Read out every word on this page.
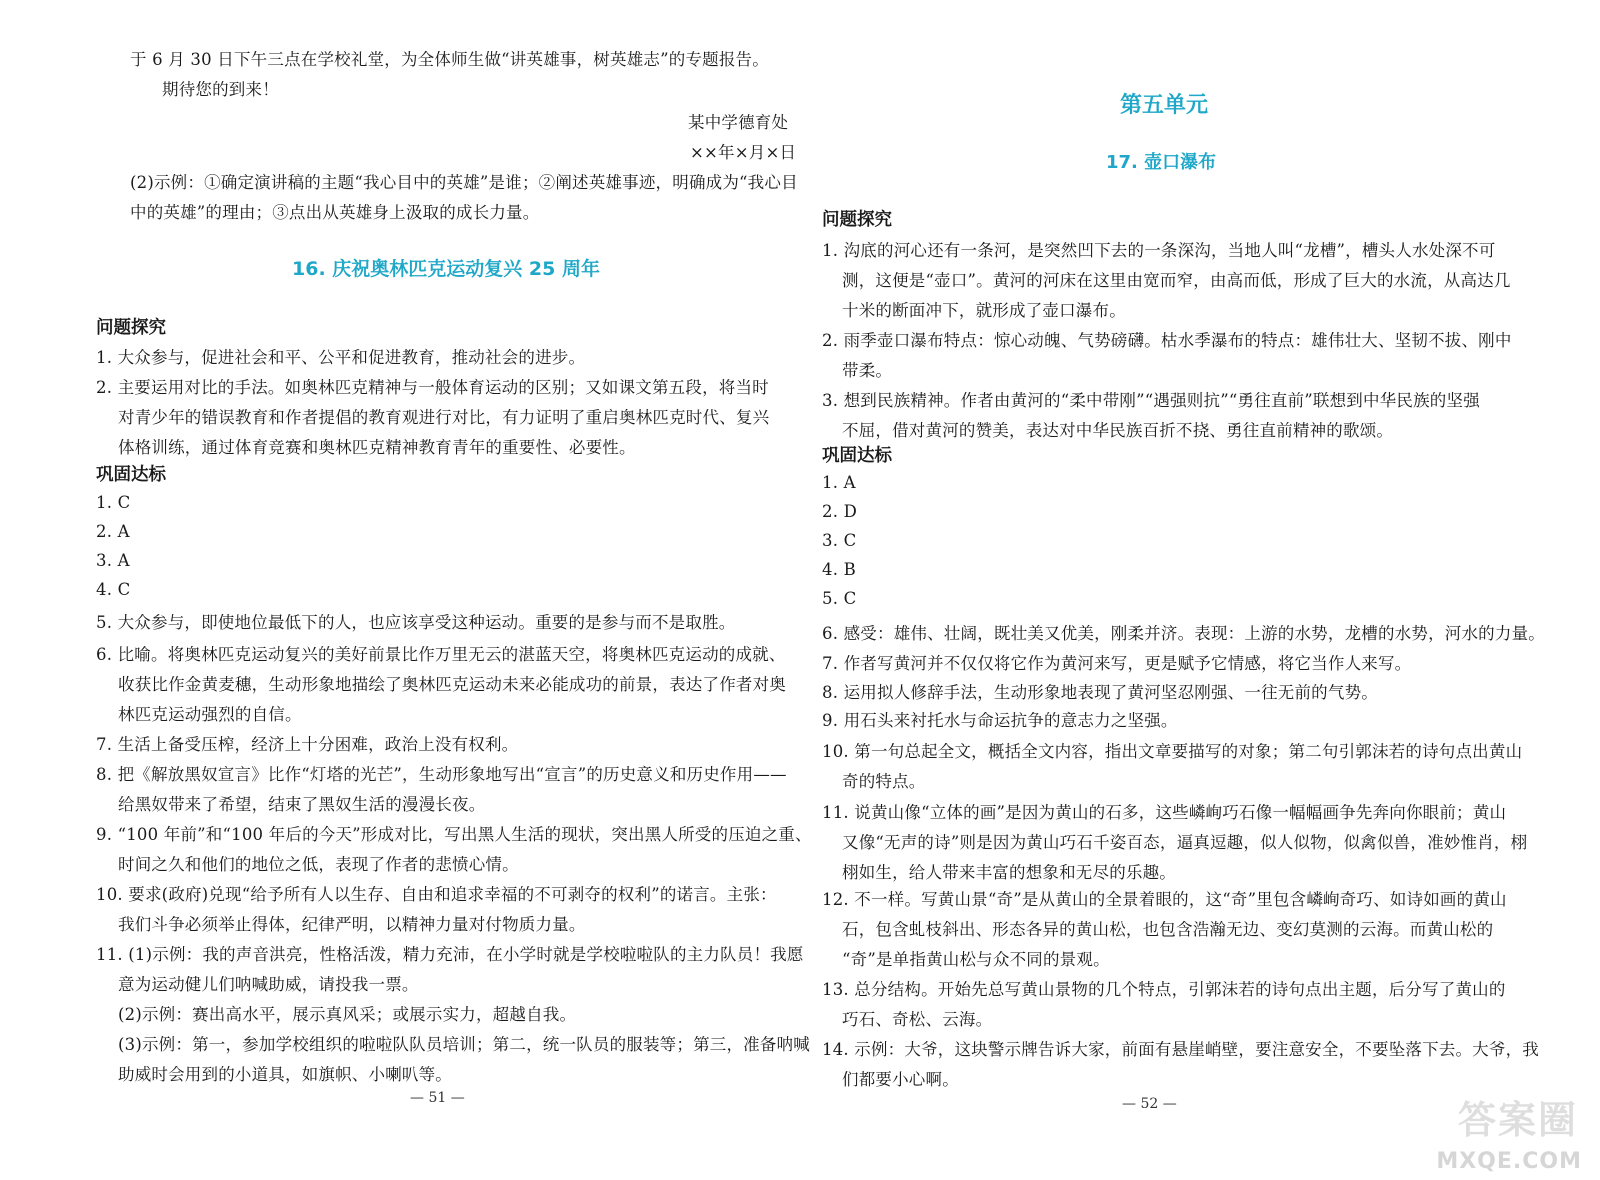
于 6 月 30 日下午三点在学校礼堂，为全体师生做“讲英雄事，树英雄志”的专题报告。
期待您的到来！
某中学德育处
××年×月×日
(2)示例：①确定演讲稿的主题“我心目中的英雄”是谁；②阐述英雄事迹，明确成为“我心目
中的英雄”的理由；③点出从英雄身上汲取的成长力量。
16. 庆祝奥林匹克运动复兴 25 周年
问题探究
1. 大众参与，促进社会和平、公平和促进教育，推动社会的进步。
2. 主要运用对比的手法。如奥林匹克精神与一般体育运动的区别；又如课文第五段，将当时
对青少年的错误教育和作者提倡的教育观进行对比，有力证明了重启奥林匹克时代、复兴
体格训练，通过体育竞赛和奥林匹克精神教育青年的重要性、必要性。
巩固达标
1. C
2. A
3. A
4. C
5. 大众参与，即使地位最低下的人，也应该享受这种运动。重要的是参与而不是取胜。
6. 比喻。将奥林匹克运动复兴的美好前景比作万里无云的湛蓝天空，将奥林匹克运动的成就、
收获比作金黄麦穗，生动形象地描绘了奥林匹克运动未来必能成功的前景，表达了作者对奥
林匹克运动强烈的自信。
7. 生活上备受压榨，经济上十分困难，政治上没有权利。
8. 把《解放黑奴宣言》比作“灯塔的光芒”，生动形象地写出“宣言”的历史意义和历史作用——
给黑奴带来了希望，结束了黑奴生活的漫漫长夜。
9. “100 年前”和“100 年后的今天”形成对比，写出黑人生活的现状，突出黑人所受的压迫之重、
时间之久和他们的地位之低，表现了作者的悲愤心情。
10. 要求(政府)兑现“给予所有人以生存、自由和追求幸福的不可剥夺的权利”的诺言。主张：
我们斗争必须举止得体，纪律严明，以精神力量对付物质力量。
11. (1)示例：我的声音洪亮，性格活泼，精力充沛，在小学时就是学校啦啦队的主力队员！我愿
意为运动健儿们呐喊助威，请投我一票。
(2)示例：赛出高水平，展示真风采；或展示实力，超越自我。
(3)示例：第一，参加学校组织的啦啦队队员培训；第二，统一队员的服装等；第三，准备呐喊
助威时会用到的小道具，如旗帜、小喇叭等。
— 51 —
第五单元
17. 壶口瀑布
问题探究
1. 沟底的河心还有一条河，是突然凹下去的一条深沟，当地人叫“龙槽”，槽头人水处深不可
测，这便是“壶口”。黄河的河床在这里由宽而窄，由高而低，形成了巨大的水流，从高达几
十米的断面冲下，就形成了壶口瀑布。
2. 雨季壶口瀑布特点：惊心动魄、气势磅礴。枯水季瀑布的特点：雄伟壮大、坚韧不拔、刚中
带柔。
3. 想到民族精神。作者由黄河的“柔中带刚”“遇强则抗”“勇往直前”联想到中华民族的坚强
不屈，借对黄河的赞美，表达对中华民族百折不挠、勇往直前精神的歌颂。
巩固达标
1. A
2. D
3. C
4. B
5. C
6. 感受：雄伟、壮阔，既壮美又优美，刚柔并济。表现：上游的水势，龙槽的水势，河水的力量。
7. 作者写黄河并不仅仅将它作为黄河来写，更是赋予它情感，将它当作人来写。
8. 运用拟人修辞手法，生动形象地表现了黄河坚忍刚强、一往无前的气势。
9. 用石头来衬托水与命运抗争的意志力之坚强。
10. 第一句总起全文，概括全文内容，指出文章要描写的对象；第二句引郭沫若的诗句点出黄山
奇的特点。
11. 说黄山像“立体的画”是因为黄山的石多，这些嶙峋巧石像一幅幅画争先奔向你眼前；黄山
又像“无声的诗”则是因为黄山巧石千姿百态，逼真逗趣，似人似物，似禽似兽，准妙惟肖，栩
栩如生，给人带来丰富的想象和无尽的乐趣。
12. 不一样。写黄山景“奇”是从黄山的全景着眼的，这“奇”里包含嶙峋奇巧、如诗如画的黄山
石，包含虬枝斜出、形态各异的黄山松，也包含浩瀚无边、变幻莫测的云海。而黄山松的
“奇”是单指黄山松与众不同的景观。
13. 总分结构。开始先总写黄山景物的几个特点，引郭沫若的诗句点出主题，后分写了黄山的
巧石、奇松、云海。
14. 示例：大爷，这块警示牌告诉大家，前面有悬崖峭壁，要注意安全，不要坠落下去。大爷，我
们都要小心啊。
— 52 —	答案圈
MXQE.COM
